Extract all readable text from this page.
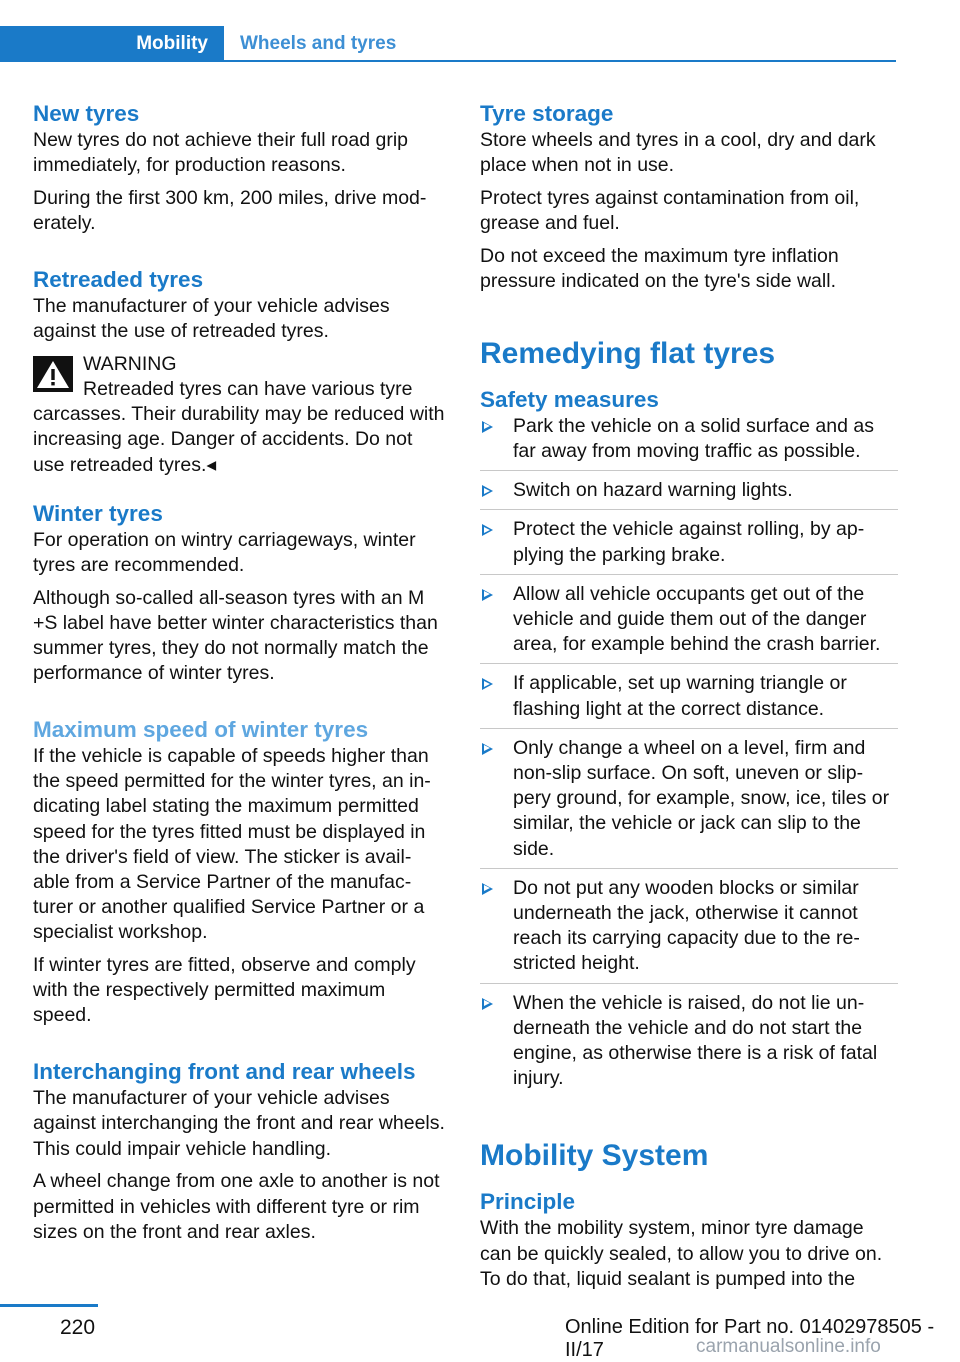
Mobility	Wheels and tyres
New tyres

New tyres do not achieve their full road grip immediately, for production reasons.

During the first 300 km, 200 miles, drive mod- erately.

Retreaded tyres

The manufacturer of your vehicle advises against the use of retreaded tyres.

WARNING

Retreaded tyres can have various tyre carcasses. Their durability may be reduced with increasing age. Danger of accidents. Do not use retreaded tyres.◂

Winter tyres

For operation on wintry carriageways, winter tyres are recommended.

Although so-called all-season tyres with an M +S label have better winter characteristics than summer tyres, they do not normally match the performance of winter tyres.

Maximum speed of winter tyres

If the vehicle is capable of speeds higher than the speed permitted for the winter tyres, an in- dicating label stating the maximum permitted speed for the tyres fitted must be displayed in the driver's field of view. The sticker is avail- able from a Service Partner of the manufac- turer or another qualified Service Partner or a specialist workshop.

If winter tyres are fitted, observe and comply with the respectively permitted maximum speed.

Interchanging front and rear wheels

The manufacturer of your vehicle advises against interchanging the front and rear wheels. This could impair vehicle handling.

A wheel change from one axle to another is not permitted in vehicles with different tyre or rim sizes on the front and rear axles.

Tyre storage

Store wheels and tyres in a cool, dry and dark place when not in use.

Protect tyres against contamination from oil, grease and fuel.

Do not exceed the maximum tyre inflation pressure indicated on the tyre's side wall.

Remedying flat tyres
Safety measures
Park the vehicle on a solid surface and as far away from moving traffic as possible.
Switch on hazard warning lights.
Protect the vehicle against rolling, by ap- plying the parking brake.
Allow all vehicle occupants get out of the vehicle and guide them out of the danger area, for example behind the crash barrier.
If applicable, set up warning triangle or flashing light at the correct distance.
Only change a wheel on a level, firm and non-slip surface. On soft, uneven or slip- pery ground, for example, snow, ice, tiles or similar, the vehicle or jack can slip to the side.
Do not put any wooden blocks or similar underneath the jack, otherwise it cannot reach its carrying capacity due to the re- stricted height.
When the vehicle is raised, do not lie un- derneath the vehicle and do not start the engine, as otherwise there is a risk of fatal injury.
Mobility System
Principle

With the mobility system, minor tyre damage can be quickly sealed, to allow you to drive on. To do that, liquid sealant is pumped into the

220	Online Edition for Part no. 01402978505 - II/17	carmanualsonline.info
